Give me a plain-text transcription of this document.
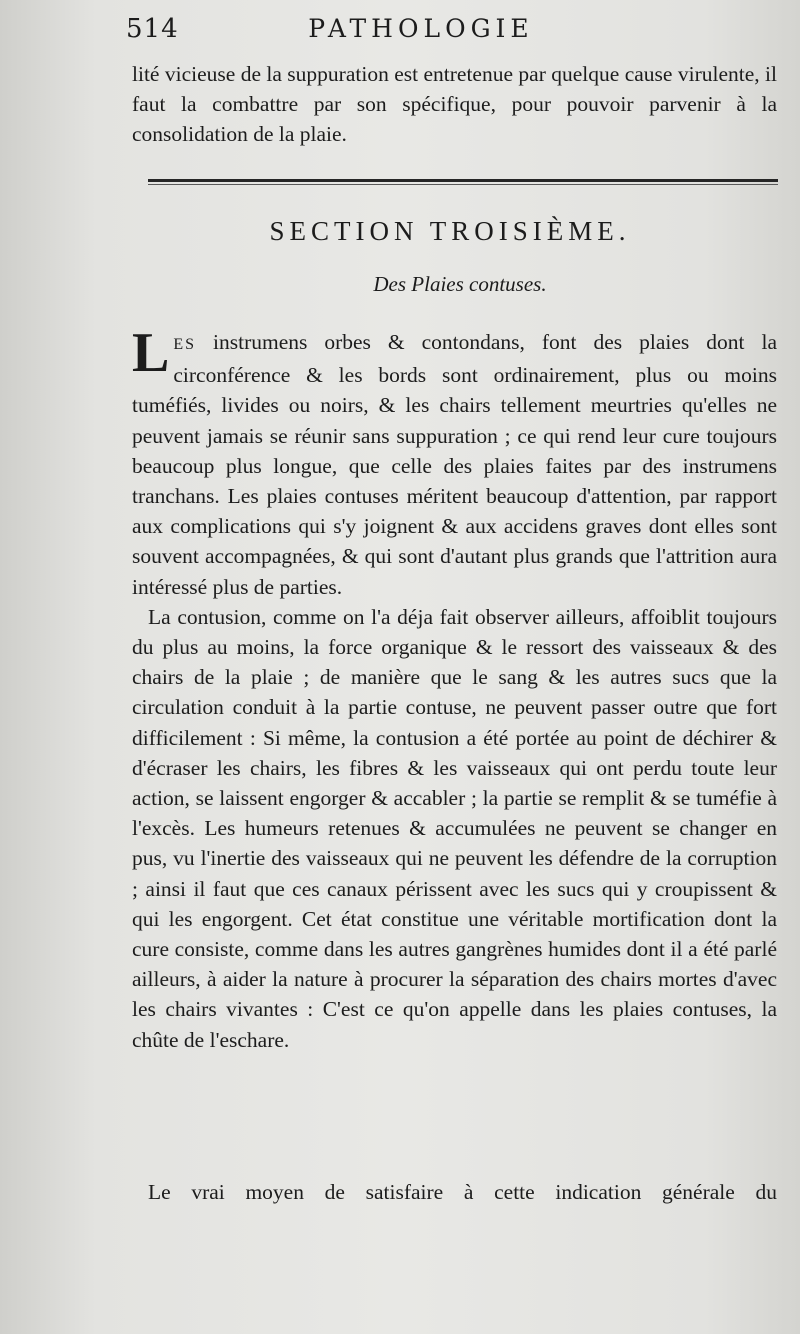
514	PATHOLOGIE

lité vicieuse de la suppuration est entretenue par quelque cause virulente, il faut la combattre par son spécifique, pour pouvoir parvenir à la consolidation de la plaie.

SECTION TROISIÈME.
Des Plaies contuses.

LES instrumens orbes & contondans, font des plaies dont la circonférence & les bords sont ordinairement, plus ou moins tuméfiés, livides ou noirs, & les chairs tellement meurtries qu'elles ne peuvent jamais se réunir sans suppuration ; ce qui rend leur cure toujours beaucoup plus longue, que celle des plaies faites par des instrumens tranchans. Les plaies contuses méritent beaucoup d'attention, par rapport aux complications qui s'y joignent & aux accidens graves dont elles sont souvent accompagnées, & qui sont d'autant plus grands que l'attrition aura intéressé plus de parties.

La contusion, comme on l'a déja fait observer ailleurs, affoiblit toujours du plus au moins, la force organique & le ressort des vaisseaux & des chairs de la plaie ; de manière que le sang & les autres sucs que la circulation conduit à la partie contuse, ne peuvent passer outre que fort difficilement : Si même, la contusion a été portée au point de déchirer & d'écraser les chairs, les fibres & les vaisseaux qui ont perdu toute leur action, se laissent engorger & accabler ; la partie se remplit & se tuméfie à l'excès. Les humeurs retenues & accumulées ne peuvent se changer en pus, vu l'inertie des vaisseaux qui ne peuvent les défendre de la corruption ; ainsi il faut que ces canaux périssent avec les sucs qui y croupissent & qui les engorgent. Cet état constitue une véritable mortification dont la cure consiste, comme dans les autres gangrènes humides dont il a été parlé ailleurs, à aider la nature à procurer la séparation des chairs mortes d'avec les chairs vivantes : C'est ce qu'on appelle dans les plaies contuses, la chûte de l'eschare.

Le vrai moyen de satisfaire à cette indication générale du
